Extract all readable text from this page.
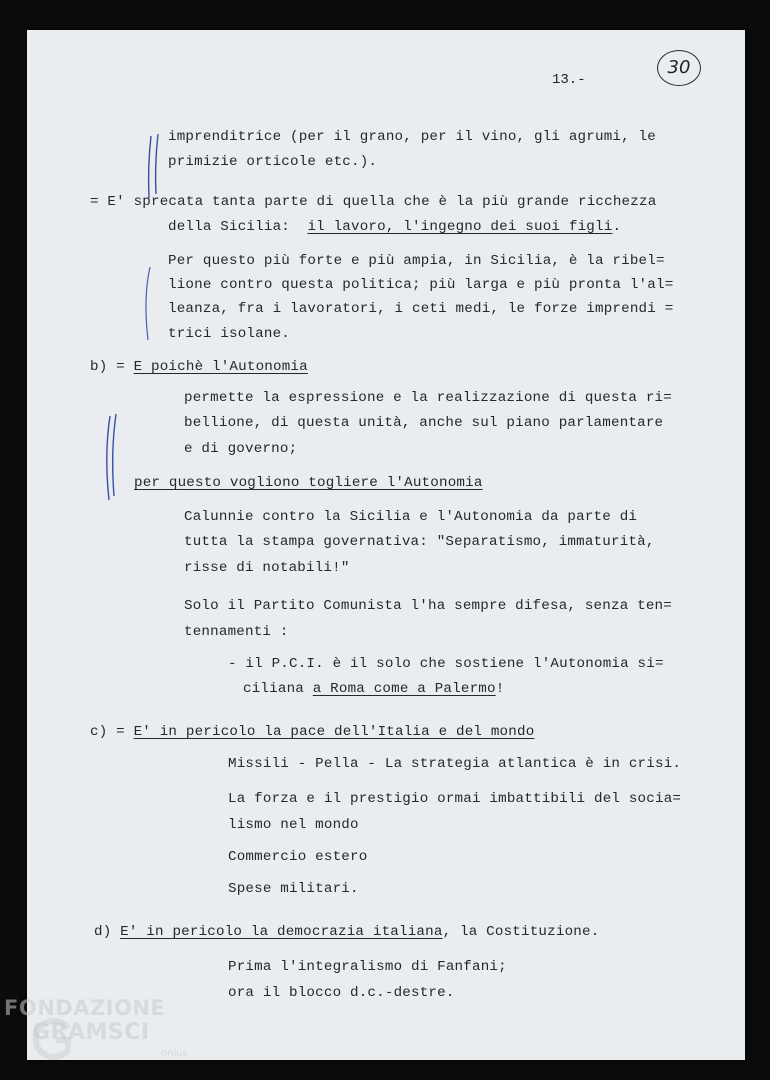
13.-
30
imprenditrice (per il grano, per il vino, gli agrumi, le
primizie orticole etc.).
= E' sprecata tanta parte di quella che è la più grande ricchezza
della Sicilia:  il lavoro, l'ingegno dei suoi figli.
Per questo più forte e più ampia, in Sicilia, è la ribel=
lione contro questa politica; più larga e più pronta l'al=
leanza, fra i lavoratori, i ceti medi, le forze imprendi =
trici isolane.
b) = E poichè l'Autonomia
permette la espressione e la realizzazione di questa ri=
bellione, di questa unità, anche sul piano parlamentare
e di governo;
per questo vogliono togliere l'Autonomia
Calunnie contro la Sicilia e l'Autonomia da parte di
tutta la stampa governativa: "Separatismo, immaturità,
risse di notabili!"
Solo il Partito Comunista l'ha sempre difesa, senza ten=
tennamenti :
- il P.C.I. è il solo che sostiene l'Autonomia si=
ciliana a Roma come a Palermo!
c) = E' in pericolo la pace dell'Italia e del mondo
Missili - Pella - La strategia atlantica è in crisi.
La forza e il prestigio ormai imbattibili del socia=
lismo nel mondo
Commercio estero
Spese militari.
d) E' in pericolo la democrazia italiana, la Costituzione.
Prima l'integralismo di Fanfani;
ora il blocco d.c.-destre.
FONDAZIONE
GRAMSCI
onlus
